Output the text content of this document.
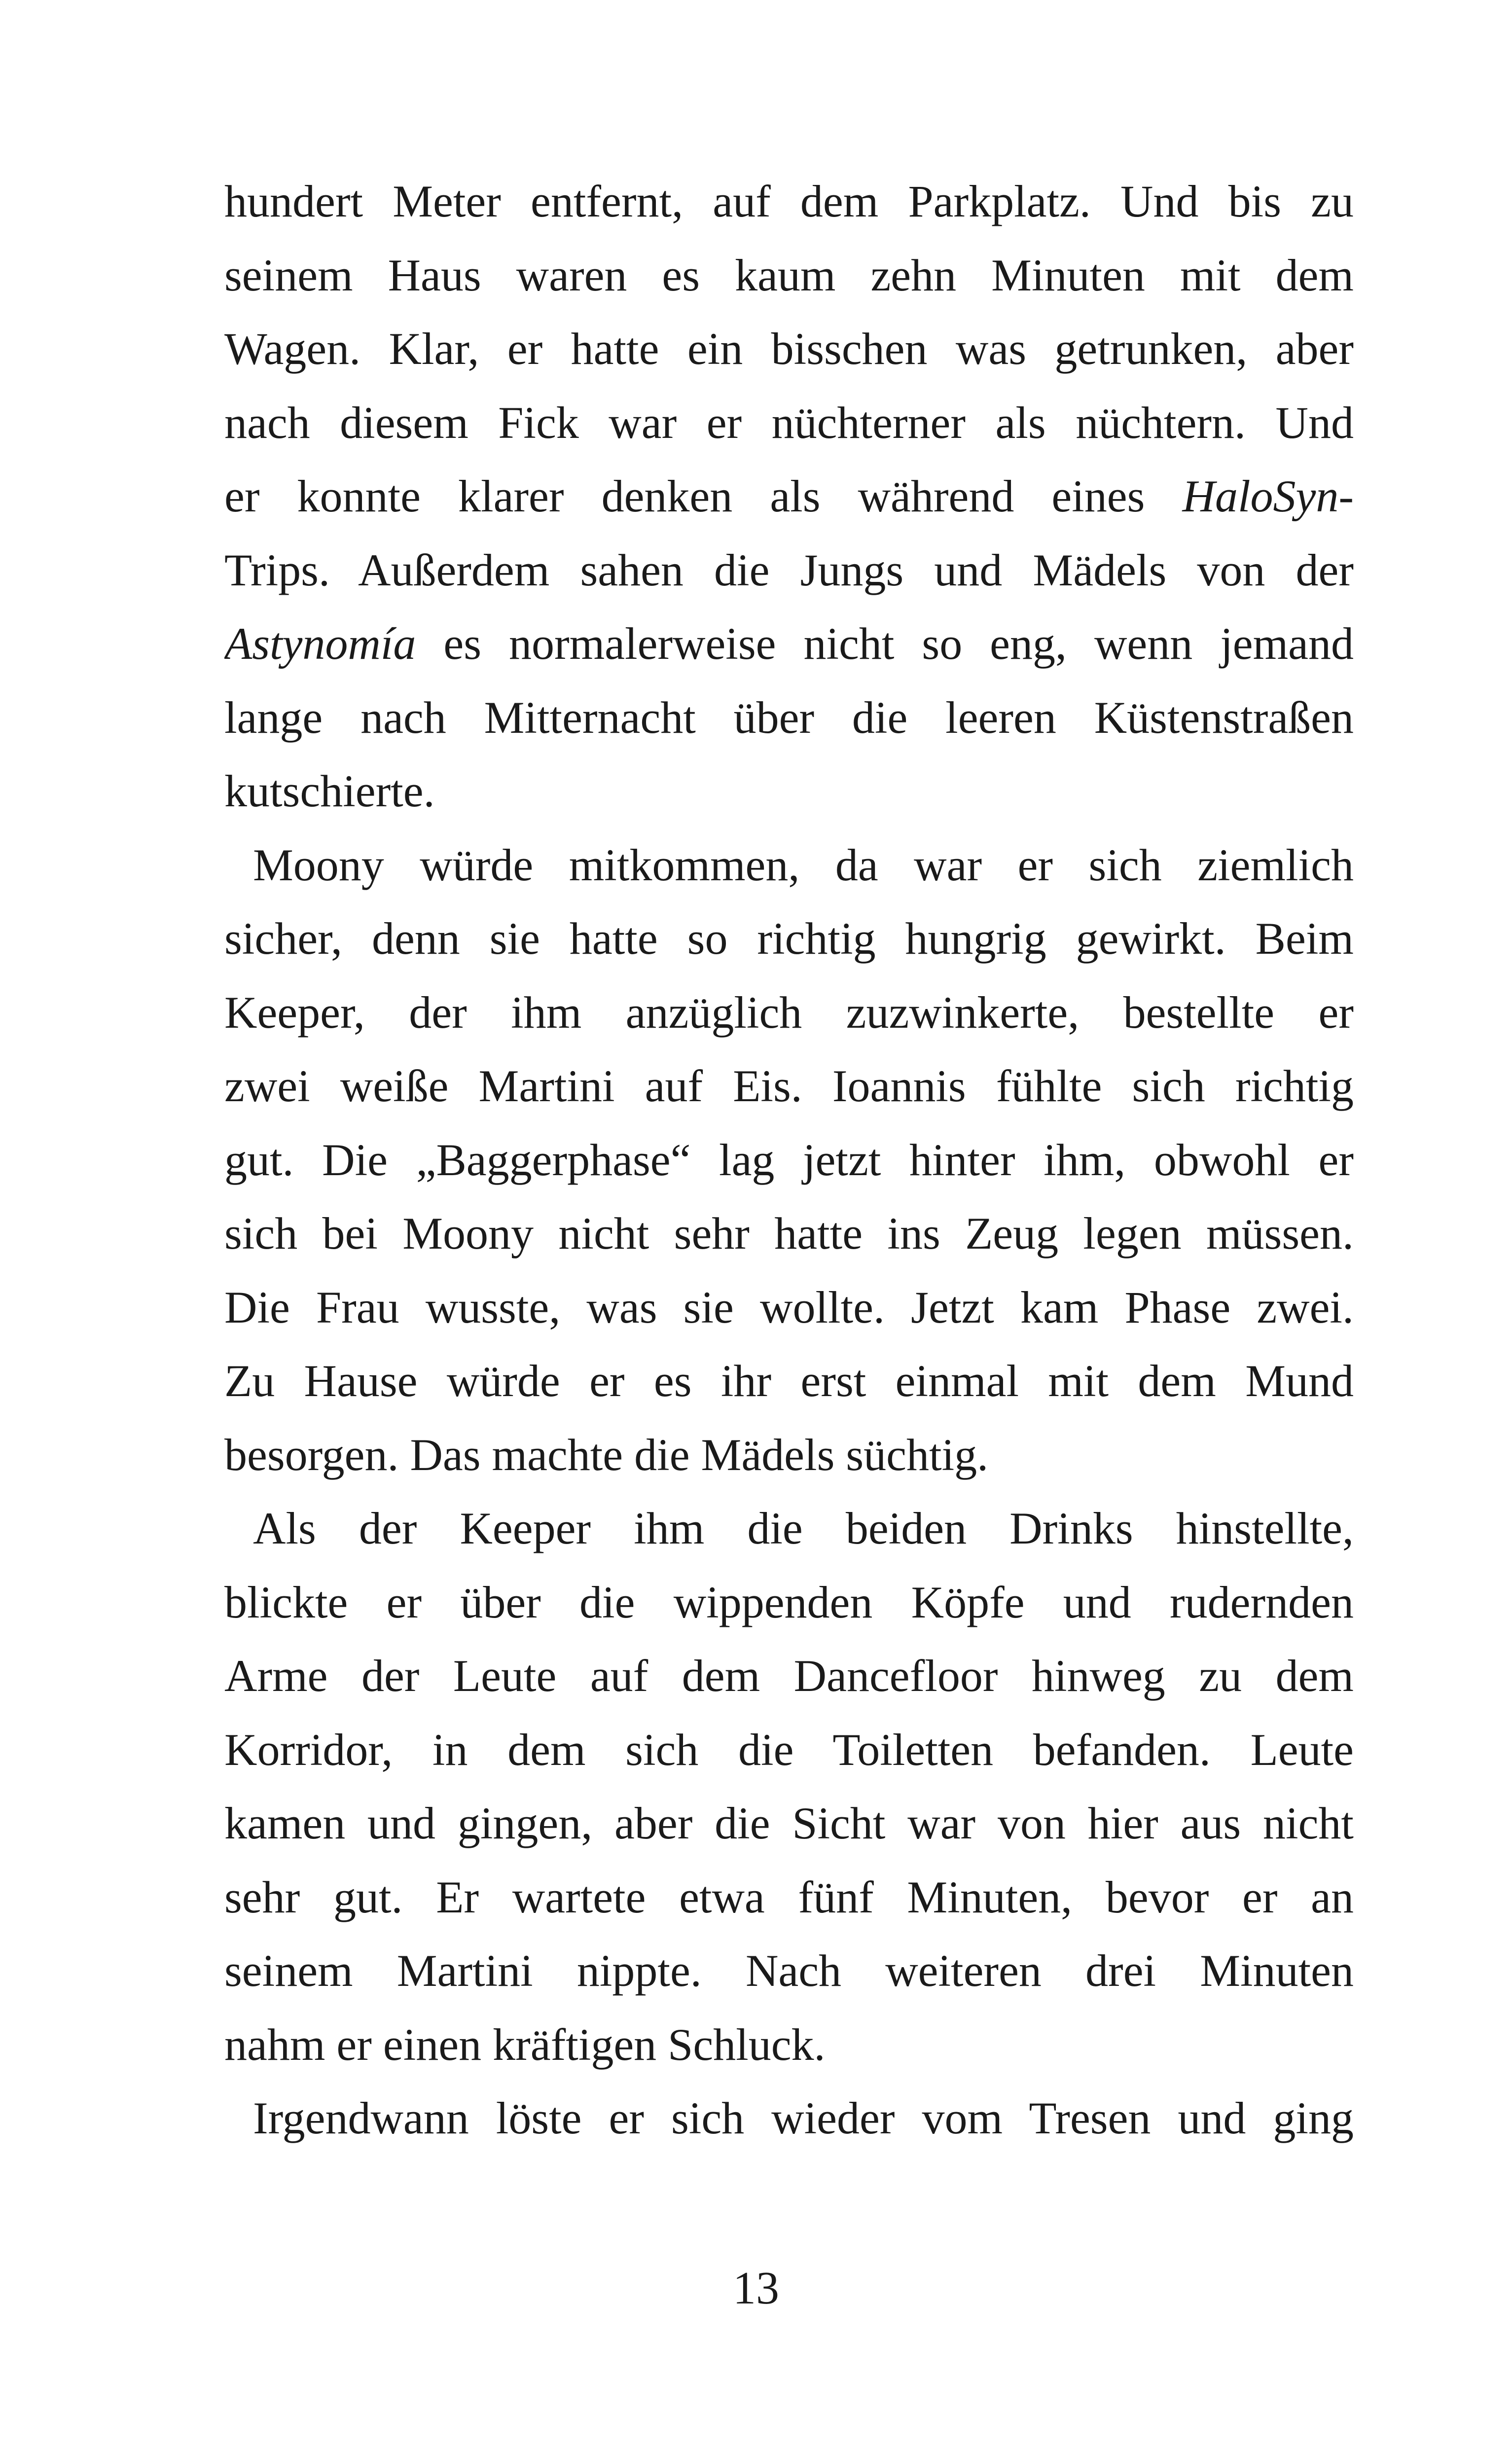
hundert Meter entfernt, auf dem Parkplatz. Und bis zu
seinem Haus waren es kaum zehn Minuten mit dem
Wagen. Klar, er hatte ein bisschen was getrunken, aber
nach diesem Fick war er nüchterner als nüchtern. Und
er konnte klarer denken als während eines HaloSyn-
Trips. Außerdem sahen die Jungs und Mädels von der
Astynomía es normalerweise nicht so eng, wenn jemand
lange nach Mitternacht über die leeren Küstenstraßen
kutschierte.
Moony würde mitkommen, da war er sich ziemlich
sicher, denn sie hatte so richtig hungrig gewirkt. Beim
Keeper, der ihm anzüglich zuzwinkerte, bestellte er
zwei weiße Martini auf Eis. Ioannis fühlte sich richtig
gut. Die „Baggerphase“ lag jetzt hinter ihm, obwohl er
sich bei Moony nicht sehr hatte ins Zeug legen müssen.
Die Frau wusste, was sie wollte. Jetzt kam Phase zwei.
Zu Hause würde er es ihr erst einmal mit dem Mund
besorgen. Das machte die Mädels süchtig.
Als der Keeper ihm die beiden Drinks hinstellte,
blickte er über die wippenden Köpfe und rudernden
Arme der Leute auf dem Dancefloor hinweg zu dem
Korridor, in dem sich die Toiletten befanden. Leute
kamen und gingen, aber die Sicht war von hier aus nicht
sehr gut. Er wartete etwa fünf Minuten, bevor er an
seinem Martini nippte. Nach weiteren drei Minuten
nahm er einen kräftigen Schluck.
Irgendwann löste er sich wieder vom Tresen und ging
13
